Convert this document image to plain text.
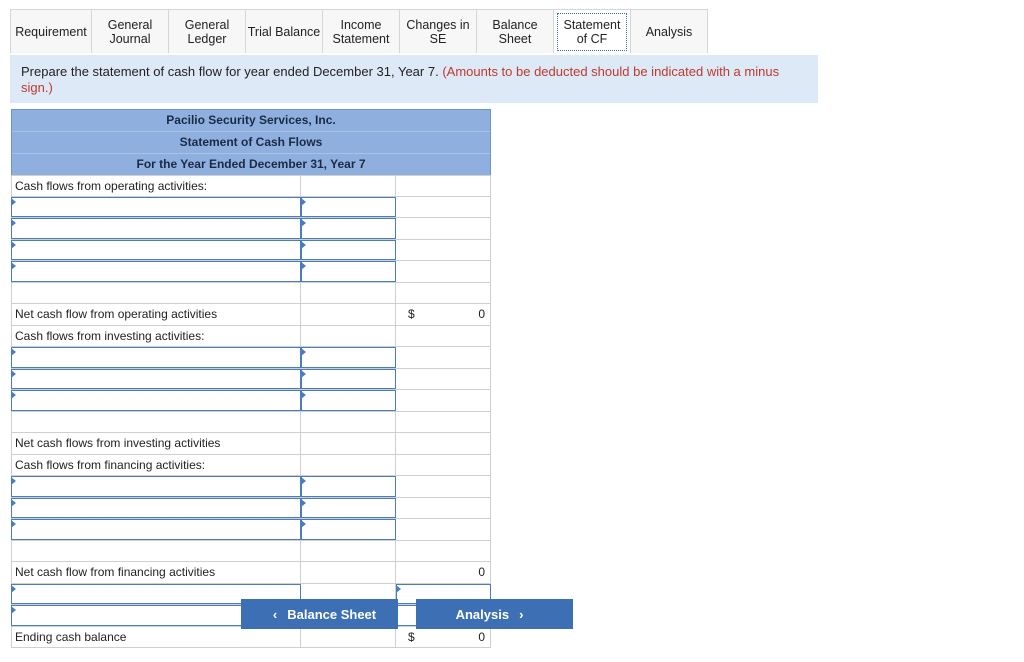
Requirement General
Journal
General
Ledger Trial Balance	Income
Statement
Changes in
SE
Balance
Sheet
Statement
of CF	Analysis
Prepare the statement of cash flow for year ended December 31, Year 7. (Amounts to be deducted should be indicated with a minus sign.)
Pacilio Security Services, Inc.
Statement of Cash Flows
For the Year Ended December 31, Year 7
Cash flows from operating activities:
Net cash flow from operating activities	$	0
Cash flows from investing activities:
Net cash flows from investing activities
Cash flows from financing activities:
Net cash flow from financing activities	0
Ending cash balance	$	0
‹ Balance Sheet	Analysis ›
